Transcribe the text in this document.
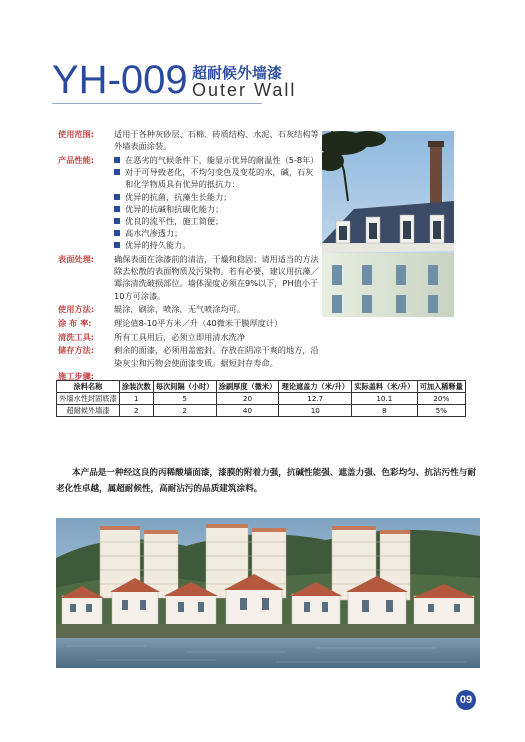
YH-009 超耐候外墙漆
Outer Wall
使用范围:	适用于各种灰砂层、石棉、砖质结构、水泥、石灰结构等外墙表面涂装。
产品性能:	在恶劣的气候条件下，能显示优异的耐温性（5-8年）
对于可导致老化，不均匀变色及变花的水，碱，石灰和化学物质具有优异的抵抗力：
优异的抗菌，抗藻生长能力；
优异的抗碱和抗碳化能力；
优良的流平性，施工简便；
高水汽渗透力；
优异的持久能力。
表面处理:	确保表面在涂漆前的清洁，干燥和稳固；请用适当的方法除去松散的表面物质及污染物。若有必要，建议用抗藻／霉涂清洗破损部位。墙体湿度必须在9%以下，PH值小于10方可涂漆。
使用方法:	辊涂，刷涂，喷涂，无气喷涂均可。
涂 布 率:	理论值8-10平方米／升（40微米干膜厚度计）
清洗工具:	所有工具用后，必须立即用清水洗净
储存方法:	剩余的面漆，必须用盖密封。存放在阴凉干爽的地方，沿染灰尘和污物会使面漆变质。据短封存寿命。
施工步骤:
涂料名称	涂装次数	每次间隔（小时）	涂刷厚度（微米）	理论遮盖力（米/升）	实际盖料（米/升）	可加入稀释量
外墙水性封固底漆	1	5	20	12.7	10.1	20%
超耐候外墙漆	2	2	40	10	8	5%
本产品是一种经这良的丙稀酸墙面漆，漆膜的附着力强，抗碱性能强、遮盖力强、色彩均匀、抗沾污性与耐老化性卓越，属超耐候性，高耐沾污的品质建筑涂料。
09
